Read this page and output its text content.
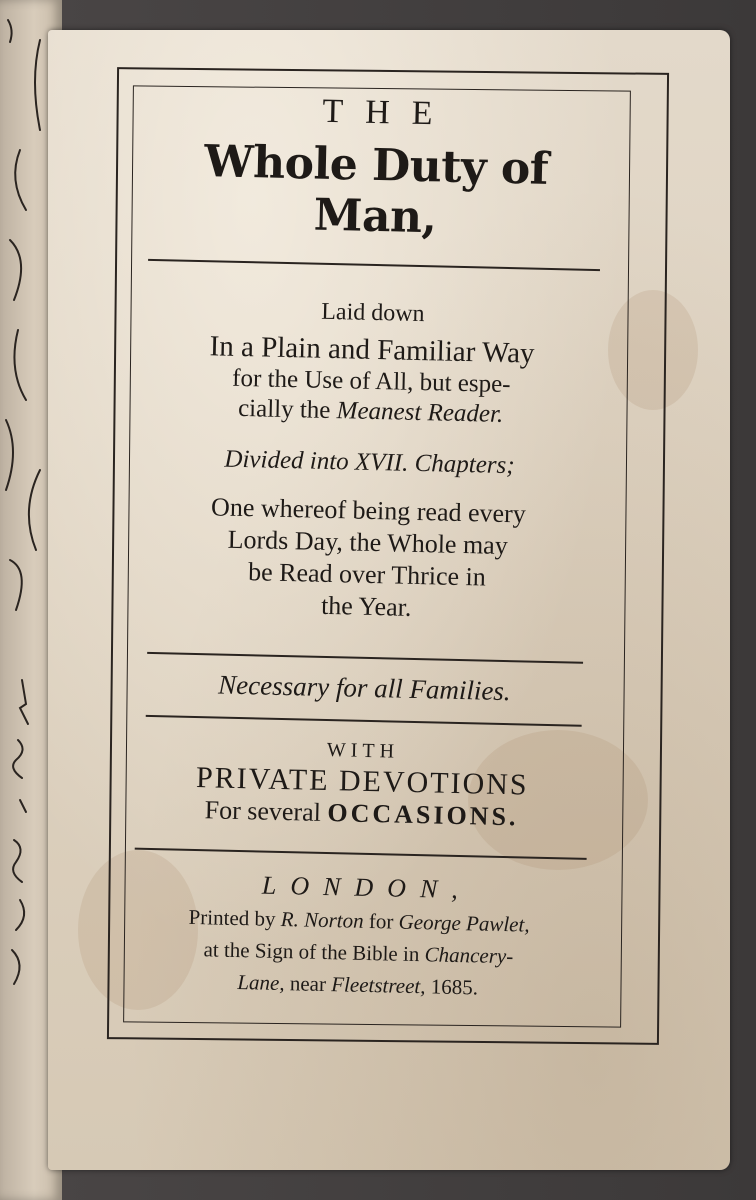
THE
Whole Duty of Man,
Laid down
In a Plain and Familiar Way
for the Use of All, but espe-
cially the Meanest Reader.
Divided into XVII. Chapters;
One whereof being read every
Lords Day, the Whole may
be Read over Thrice in
the Year.
Necessary for all Families.
WITH
PRIVATE DEVOTIONS
For several OCCASIONS.
LONDON,
Printed by R. Norton for George Pawlet,
at the Sign of the Bible in Chancery-
Lane, near Fleetstreet, 1685.
